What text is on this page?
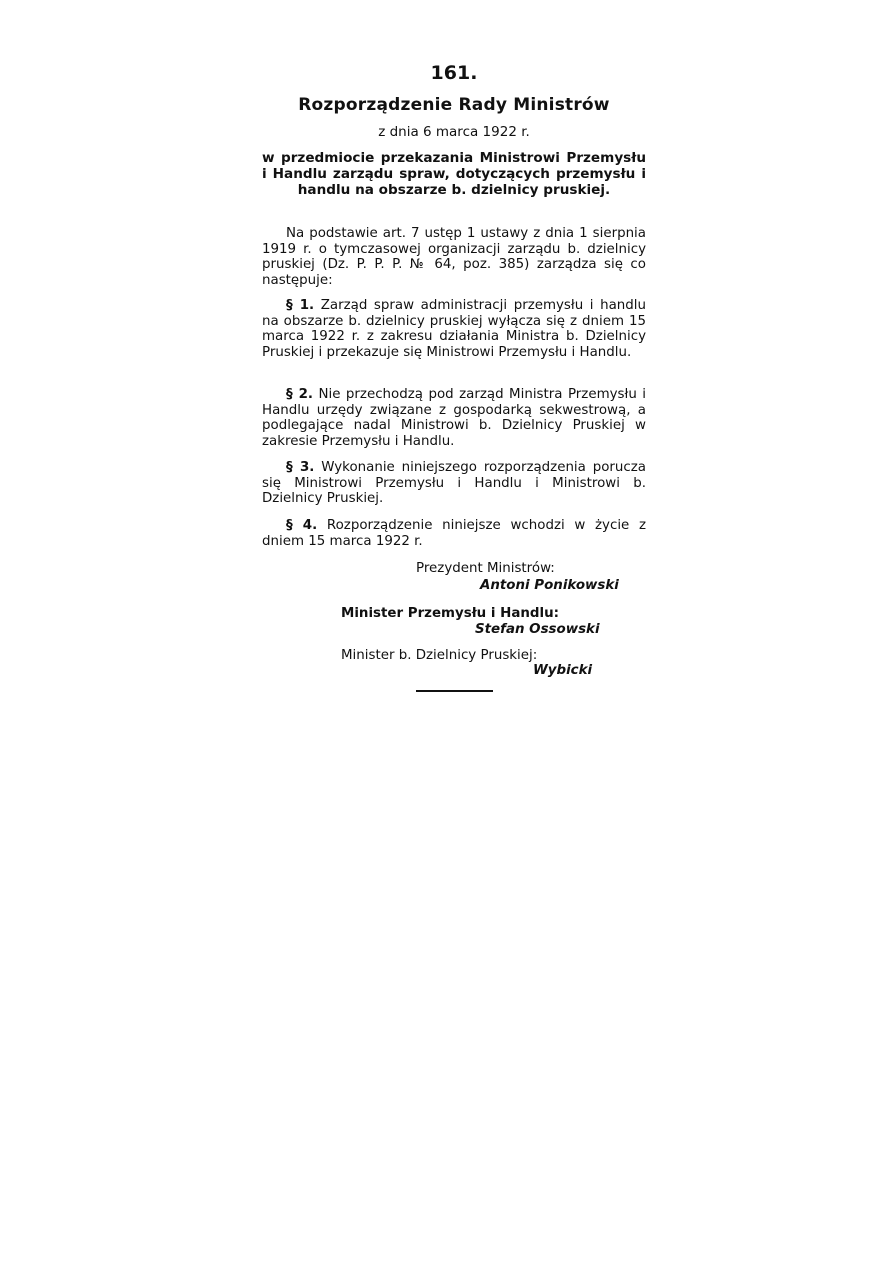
161.
Rozporządzenie Rady Ministrów
z dnia 6 marca 1922 r.
w przedmiocie przekazania Ministrowi Przemysłu i Handlu zarządu spraw, dotyczących przemysłu i handlu na obszarze b. dzielnicy pruskiej.
Na podstawie art. 7 ustęp 1 ustawy z dnia 1 sierpnia 1919 r. o tymczasowej organizacji zarządu b. dzielnicy pruskiej (Dz. P. P. P. № 64, poz. 385) zarządza się co następuje:
§ 1. Zarząd spraw administracji przemysłu i handlu na obszarze b. dzielnicy pruskiej wyłącza się z dniem 15 marca 1922 r. z zakresu działania Ministra b. Dzielnicy Pruskiej i przekazuje się Ministrowi Przemysłu i Handlu.
§ 2. Nie przechodzą pod zarząd Ministra Przemysłu i Handlu urzędy związane z gospodarką sekwestrową, a podlegające nadal Ministrowi b. Dzielnicy Pruskiej w zakresie Przemysłu i Handlu.
§ 3. Wykonanie niniejszego rozporządzenia porucza się Ministrowi Przemysłu i Handlu i Ministrowi b. Dzielnicy Pruskiej.
§ 4. Rozporządzenie niniejsze wchodzi w życie z dniem 15 marca 1922 r.
Prezydent Ministrów:
Antoni Ponikowski
Minister Przemysłu i Handlu:
Stefan Ossowski
Minister b. Dzielnicy Pruskiej:
Wybicki
